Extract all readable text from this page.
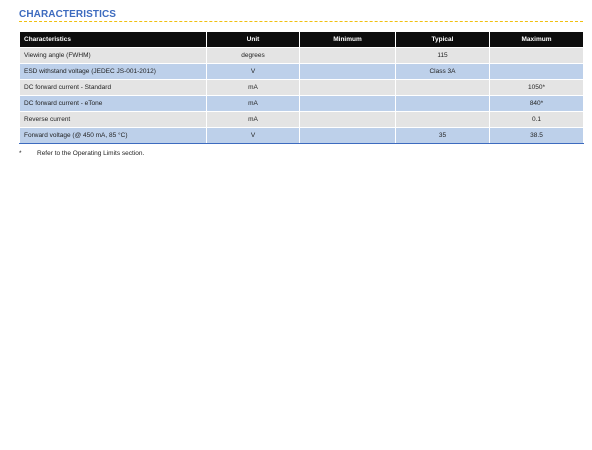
CHARACTERISTICS
Characteristics	Unit	Minimum	Typical	Maximum
Viewing angle (FWHM)	degrees		115	
ESD withstand voltage (JEDEC JS-001-2012)	V		Class 3A	
DC forward current - Standard	mA			1050*
DC forward current - eTone	mA			840*
Reverse current	mA			0.1
Forward voltage (@ 450 mA, 85 °C)	V		35	38.5
* Refer to the Operating Limits section.
